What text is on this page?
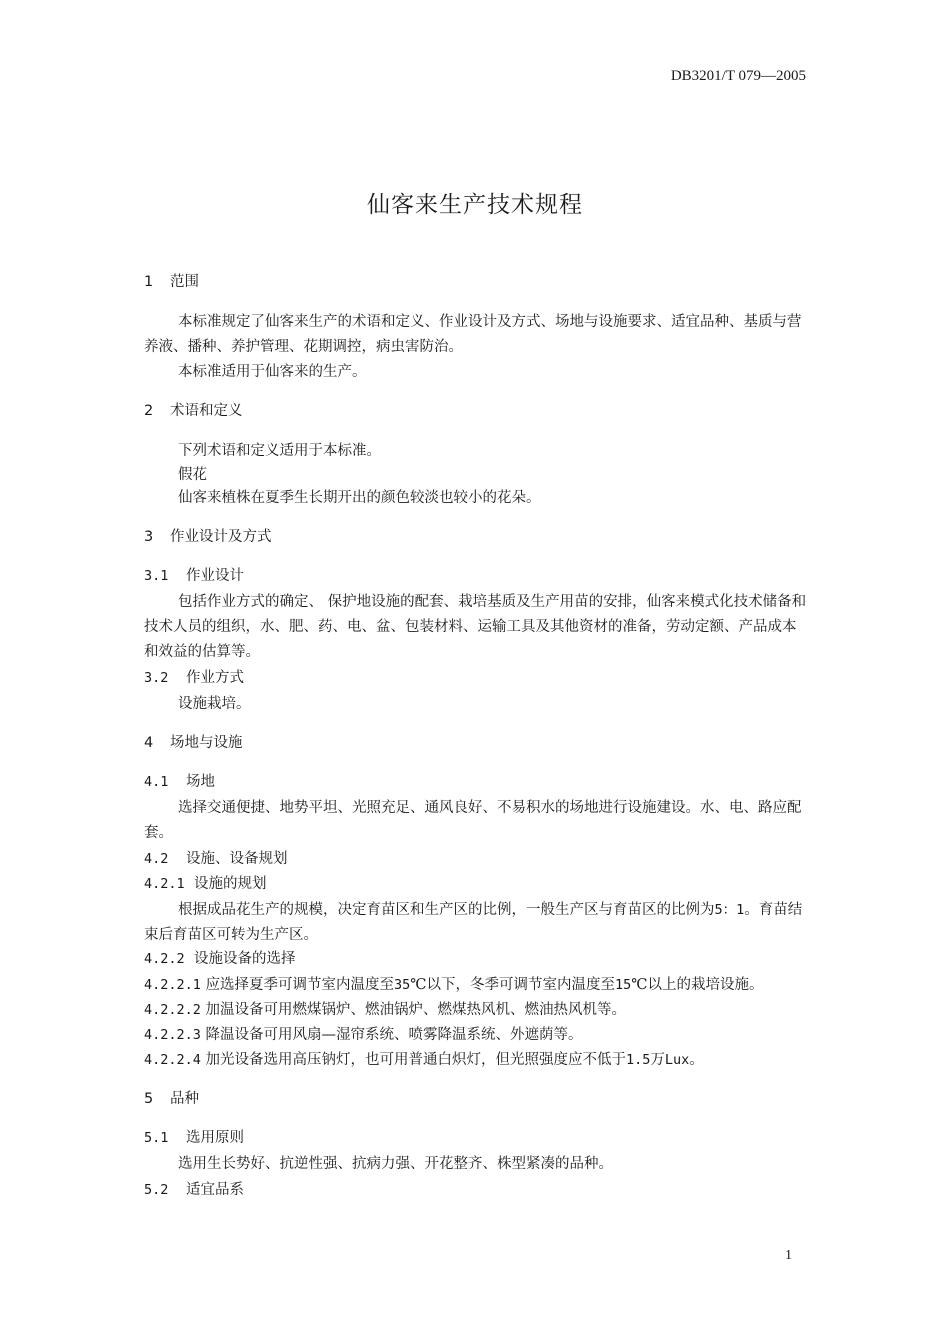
DB3201/T 079—2005
仙客来生产技术规程
1 范围

本标准规定了仙客来生产的术语和定义、作业设计及方式、场地与设施要求、适宜品种、基质与营养液、播种、养护管理、花期调控，病虫害防治。

本标准适用于仙客来的生产。

2 术语和定义

下列术语和定义适用于本标准。

假花

仙客来植株在夏季生长期开出的颜色较淡也较小的花朵。

3 作业设计及方式
3.1 作业设计

包括作业方式的确定、 保护地设施的配套、栽培基质及生产用苗的安排，仙客来模式化技术储备和技术人员的组织，水、肥、药、电、盆、包装材料、运输工具及其他资材的准备，劳动定额、产品成本和效益的估算等。

3.2 作业方式

设施栽培。

4 场地与设施
4.1 场地

选择交通便捷、地势平坦、光照充足、通风良好、不易积水的场地进行设施建设。水、电、路应配套。

4.2 设施、设备规划
4.2.1 设施的规划

根据成品花生产的规模，决定育苗区和生产区的比例，一般生产区与育苗区的比例为5：1。育苗结束后育苗区可转为生产区。

4.2.2 设施设备的选择

4.2.2.1 应选择夏季可调节室内温度至35℃以下，冬季可调节室内温度至15℃以上的栽培设施。

4.2.2.2 加温设备可用燃煤锅炉、燃油锅炉、燃煤热风机、燃油热风机等。

4.2.2.3 降温设备可用风扇—湿帘系统、喷雾降温系统、外遮荫等。

4.2.2.4 加光设备选用高压钠灯，也可用普通白炽灯，但光照强度应不低于1.5万Lux。

5 品种
5.1 选用原则

选用生长势好、抗逆性强、抗病力强、开花整齐、株型紧凑的品种。

5.2 适宜品系
1
